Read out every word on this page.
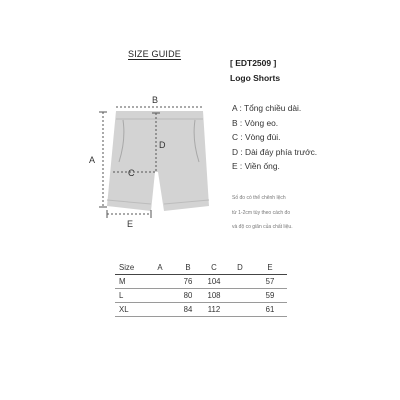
SIZE GUIDE
[ EDT2509 ]
Logo Shorts
A : Tổng chiều dài.
B : Vòng eo.
C : Vòng đùi.
D : Dài đáy phía trước.
E : Viền ống.
Số đo có thể chênh lệch
từ 1-2cm tùy theo cách đo
và độ co giãn của chất liệu.
A
B
C
D
E
Size	A	B	C	D	E
M		76	104		57
L		80	108		59
XL		84	112		61
